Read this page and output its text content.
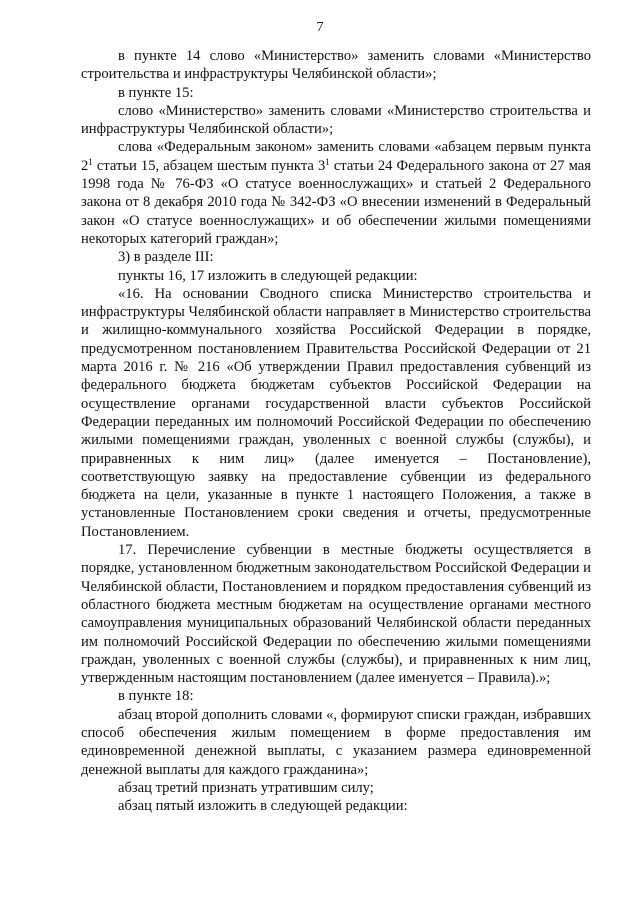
7

в пункте 14 слово «Министерство» заменить словами «Министерство строительства и инфраструктуры Челябинской области»;

в пункте 15:

слово «Министерство» заменить словами «Министерство строительства и инфраструктуры Челябинской области»;

слова «Федеральным законом» заменить словами «абзацем первым пункта $2^1$ статьи 15, абзацем шестым пункта $3^1$ статьи 24 Федерального закона от 27 мая 1998 года № 76-ФЗ «О статусе военнослужащих» и статьей 2 Федерального закона от 8 декабря 2010 года № 342-ФЗ «О внесении изменений в Федеральный закон «О статусе военнослужащих» и об обеспечении жилыми помещениями некоторых категорий граждан»;

3) в разделе III:

пункты 16, 17 изложить в следующей редакции:

«16. На основании Сводного списка Министерство строительства и инфраструктуры Челябинской области направляет в Министерство строительства и жилищно-коммунального хозяйства Российской Федерации в порядке, предусмотренном постановлением Правительства Российской Федерации от 21 марта 2016 г. № 216 «Об утверждении Правил предоставления субвенций из федерального бюджета бюджетам субъектов Российской Федерации на осуществление органами государственной власти субъектов Российской Федерации переданных им полномочий Российской Федерации по обеспечению жилыми помещениями граждан, уволенных с военной службы (службы), и приравненных к ним лиц» (далее именуется – Постановление), соответствующую заявку на предоставление субвенции из федерального бюджета на цели, указанные в пункте 1 настоящего Положения, а также в установленные Постановлением сроки сведения и отчеты, предусмотренные Постановлением.

17. Перечисление субвенции в местные бюджеты осуществляется в порядке, установленном бюджетным законодательством Российской Федерации и Челябинской области, Постановлением и порядком предоставления субвенций из областного бюджета местным бюджетам на осуществление органами местного самоуправления муниципальных образований Челябинской области переданных им полномочий Российской Федерации по обеспечению жилыми помещениями граждан, уволенных с военной службы (службы), и приравненных к ним лиц, утвержденным настоящим постановлением (далее именуется – Правила).»;

в пункте 18:

абзац второй дополнить словами «, формируют списки граждан, избравших способ обеспечения жилым помещением в форме предоставления им единовременной денежной выплаты, с указанием размера единовременной денежной выплаты для каждого гражданина»;

абзац третий признать утратившим силу;

абзац пятый изложить в следующей редакции:
